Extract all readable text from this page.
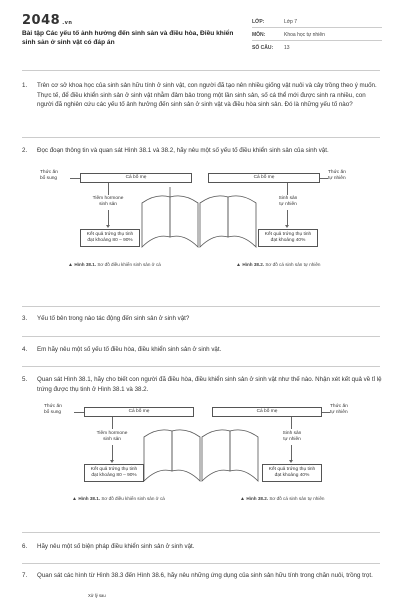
2048 .vn
Bài tập Các yếu tố ảnh hưởng đến sinh sản và điều hòa, Điều khiển sinh sản ở sinh vật có đáp án
LỚP:	Lớp 7
MÔN:	Khoa học tự nhiên
SỐ CÂU: 13
1. Trên cơ sở khoa học của sinh sản hữu tính ở sinh vật, con người đã tạo nên nhiều giống vật nuôi và cây trồng theo ý muốn. Thực tế, để điều khiển sinh sản ở sinh vật nhằm đảm bảo trong một lần sinh sản, số cá thể mới được sinh ra nhiều, con người đã nghiên cứu các yếu tố ảnh hưởng đến sinh sản ở sinh vật và điều hòa sinh sản. Đó là những yếu tố nào?
2. Đọc đoạn thông tin và quan sát Hình 38.1 và 38.2, hãy nêu một số yếu tố điều khiển sinh sản của sinh vật.
Thức ăn
bổ sung	Cá bố mẹ
Tiêm hormone
sinh sản
Kết quả trứng thụ tinh
đạt khoảng 80 – 90%
▲ Hình 38.1. Sơ đồ điều khiển sinh sản ở cá
Cá bố mẹ
Thức ăn
tự nhiên
Sinh sản
tự nhiên
Kết quả trứng thụ tinh
đạt khoảng 40%
▲ Hình 38.2. Sơ đồ cá sinh sản tự nhiên
3. Yếu tố bên trong nào tác động đến sinh sản ở sinh vật?
4. Em hãy nêu một số yếu tố điều hòa, điều khiển sinh sản ở sinh vật.
5. Quan sát Hình 38.1, hãy cho biết con người đã điều hòa, điều khiển sinh sản ở sinh vật như thế nào. Nhận xét kết quả về tỉ lệ trứng được thụ tinh ở Hình 38.1 và 38.2.
Thức ăn
bổ sung	Cá bố mẹ
Tiêm hormone
sinh sản
Kết quả trứng thụ tinh
đạt khoảng 80 – 90%
▲ Hình 38.1. Sơ đồ điều khiển sinh sản ở cá
Cá bố mẹ
Thức ăn
tự nhiên
Sinh sản
tự nhiên
Kết quả trứng thụ tinh
đạt khoảng 40%
▲ Hình 38.2. Sơ đồ cá sinh sản tự nhiên
6. Hãy nêu một số biện pháp điều khiển sinh sản ở sinh vật.
7. Quan sát các hình từ Hình 38.3 đến Hình 38.6, hãy nêu những ứng dụng của sinh sản hữu tính trong chăn nuôi, trồng trọt.
Xử lý sau
